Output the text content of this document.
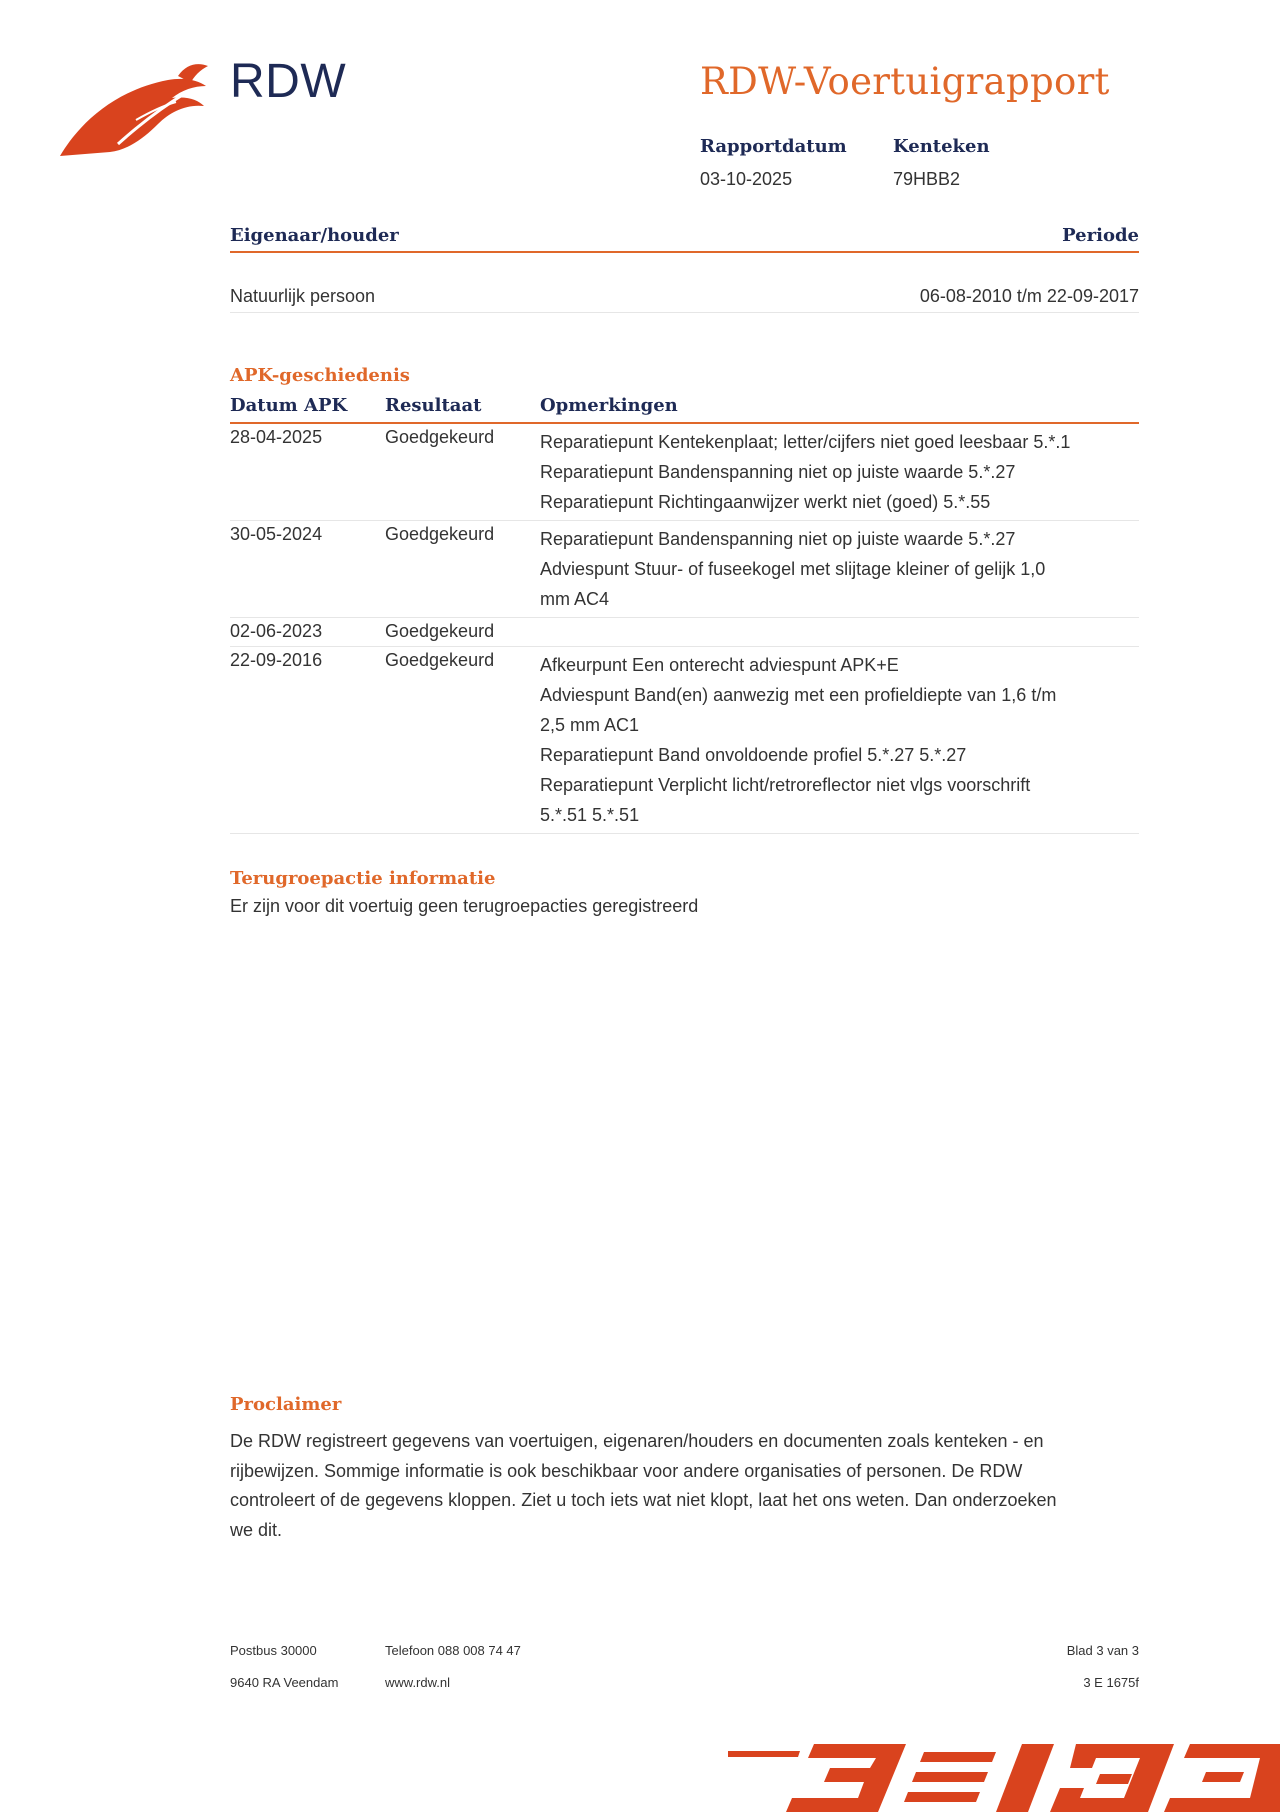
RDW	RDW-Voertuigrapport
Rapportdatum
03-10-2025
Kenteken
79HBB2
Eigenaar/houder	Periode
Natuurlijk persoon	06-08-2010 t/m 22-09-2017
APK-geschiedenis
Datum APK Resultaat	Opmerkingen
28-04-2025	Goedgekeurd	Reparatiepunt Kentekenplaat; letter/cijfers niet goed leesbaar 5.*.1
Reparatiepunt Bandenspanning niet op juiste waarde 5.*.27
Reparatiepunt Richtingaanwijzer werkt niet (goed) 5.*.55
30-05-2024	Goedgekeurd	Reparatiepunt Bandenspanning niet op juiste waarde 5.*.27
Adviespunt Stuur- of fuseekogel met slijtage kleiner of gelijk 1,0
mm AC4
02-06-2023	Goedgekeurd
22-09-2016	Goedgekeurd	Afkeurpunt Een onterecht adviespunt APK+E
Adviespunt Band(en) aanwezig met een profieldiepte van 1,6 t/m
2,5 mm AC1
Reparatiepunt Band onvoldoende profiel 5.*.27 5.*.27
Reparatiepunt Verplicht licht/retroreflector niet vlgs voorschrift
5.*.51 5.*.51
Terugroepactie informatie
Er zijn voor dit voertuig geen terugroepacties geregistreerd
Proclaimer
De RDW registreert gegevens van voertuigen, eigenaren/houders en documenten zoals kenteken - en
rijbewijzen. Sommige informatie is ook beschikbaar voor andere organisaties of personen. De RDW
controleert of de gegevens kloppen. Ziet u toch iets wat niet klopt, laat het ons weten. Dan onderzoeken
we dit.
Postbus 30000
9640 RA Veendam
Telefoon 088 008 74 47
www.rdw.nl
Blad 3 van 3
3 E 1675f
